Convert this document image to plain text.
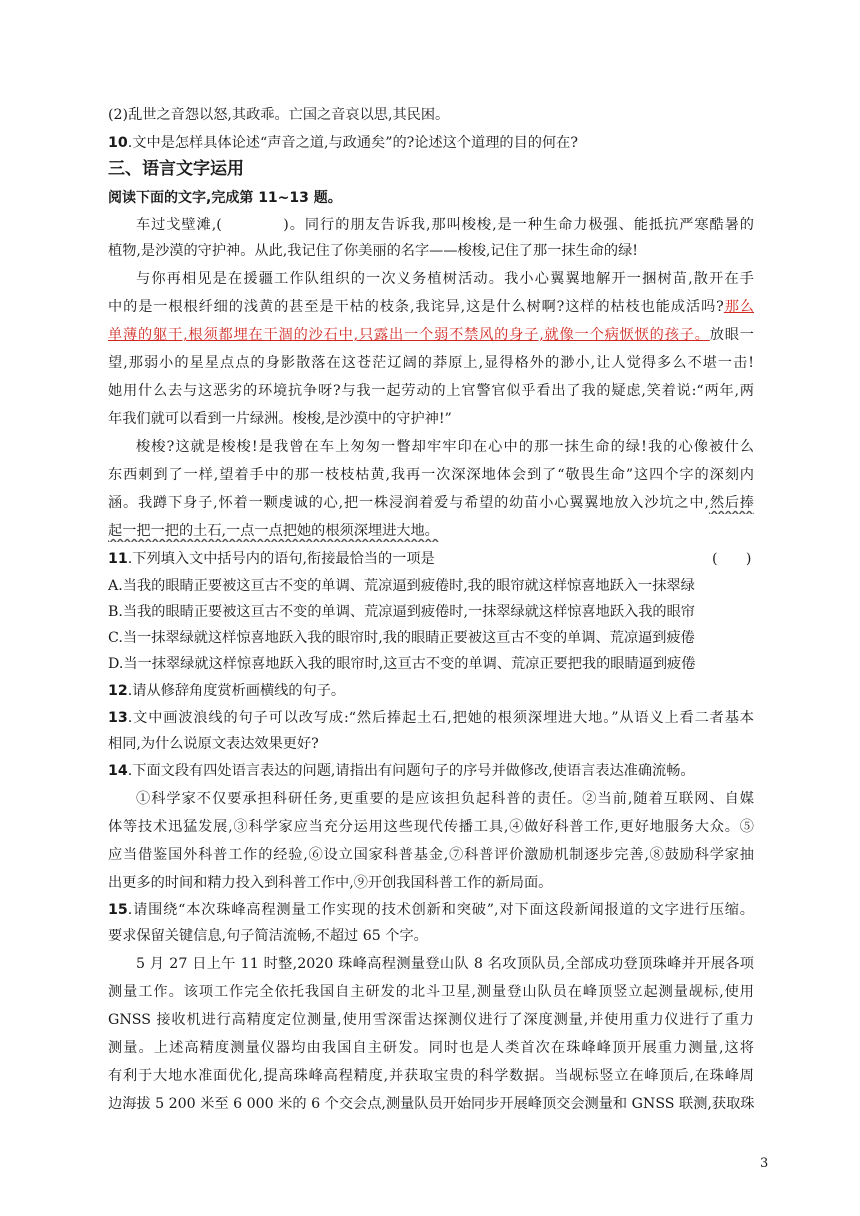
(2)乱世之音怨以怒,其政乖。亡国之音哀以思,其民困。
10.文中是怎样具体论述“声音之道,与政通矣”的?论述这个道理的目的何在?
三、语言文字运用
阅读下面的文字,完成第 11~13 题。
车过戈壁滩,(　　　　)。同行的朋友告诉我,那叫梭梭,是一种生命力极强、能抵抗严寒酷暑的
植物,是沙漠的守护神。从此,我记住了你美丽的名字——梭梭,记住了那一抹生命的绿!
与你再相见是在援疆工作队组织的一次义务植树活动。我小心翼翼地解开一捆树苗,散开在手
中的是一根根纤细的浅黄的甚至是干枯的枝条,我诧异,这是什么树啊?这样的枯枝也能成活吗?那么
单薄的躯干,根须都埋在干涸的沙石中,只露出一个弱不禁风的身子,就像一个病恹恹的孩子。放眼一
望,那弱小的星星点点的身影散落在这苍茫辽阔的莽原上,显得格外的渺小,让人觉得多么不堪一击!
她用什么去与这恶劣的环境抗争呀?与我一起劳动的上官警官似乎看出了我的疑虑,笑着说:“两年,两
年我们就可以看到一片绿洲。梭梭,是沙漠中的守护神!”
梭梭?这就是梭梭!是我曾在车上匆匆一瞥却牢牢印在心中的那一抹生命的绿!我的心像被什么
东西刺到了一样,望着手中的那一枝枝枯黄,我再一次深深地体会到了“敬畏生命”这四个字的深刻内
涵。我蹲下身子,怀着一颗虔诚的心,把一株浸润着爱与希望的幼苗小心翼翼地放入沙坑之中,然后捧
起一把一把的土石,一点一点把她的根须深埋进大地。
11.下列填入文中括号内的语句,衔接最恰当的一项是	(　　)
A.当我的眼睛正要被这亘古不变的单调、荒凉逼到疲倦时,我的眼帘就这样惊喜地跃入一抹翠绿
B.当我的眼睛正要被这亘古不变的单调、荒凉逼到疲倦时,一抹翠绿就这样惊喜地跃入我的眼帘
C.当一抹翠绿就这样惊喜地跃入我的眼帘时,我的眼睛正要被这亘古不变的单调、荒凉逼到疲倦
D.当一抹翠绿就这样惊喜地跃入我的眼帘时,这亘古不变的单调、荒凉正要把我的眼睛逼到疲倦
12.请从修辞角度赏析画横线的句子。
13.文中画波浪线的句子可以改写成:“然后捧起土石,把她的根须深埋进大地。”从语义上看二者基本
相同,为什么说原文表达效果更好?
14.下面文段有四处语言表达的问题,请指出有问题句子的序号并做修改,使语言表达准确流畅。
①科学家不仅要承担科研任务,更重要的是应该担负起科普的责任。②当前,随着互联网、自媒
体等技术迅猛发展,③科学家应当充分运用这些现代传播工具,④做好科普工作,更好地服务大众。⑤
应当借鉴国外科普工作的经验,⑥设立国家科普基金,⑦科普评价激励机制逐步完善,⑧鼓励科学家抽
出更多的时间和精力投入到科普工作中,⑨开创我国科普工作的新局面。
15.请围绕“本次珠峰高程测量工作实现的技术创新和突破”,对下面这段新闻报道的文字进行压缩。
要求保留关键信息,句子简洁流畅,不超过 65 个字。
5 月 27 日上午 11 时整,2020 珠峰高程测量登山队 8 名攻顶队员,全部成功登顶珠峰并开展各项
测量工作。该项工作完全依托我国自主研发的北斗卫星,测量登山队员在峰顶竖立起测量觇标,使用
GNSS 接收机进行高精度定位测量,使用雪深雷达探测仪进行了深度测量,并使用重力仪进行了重力
测量。上述高精度测量仪器均由我国自主研发。同时也是人类首次在珠峰峰顶开展重力测量,这将
有利于大地水准面优化,提高珠峰高程精度,并获取宝贵的科学数据。当觇标竖立在峰顶后,在珠峰周
边海拔 5 200 米至 6 000 米的 6 个交会点,测量队员开始同步开展峰顶交会测量和 GNSS 联测,获取珠
3
